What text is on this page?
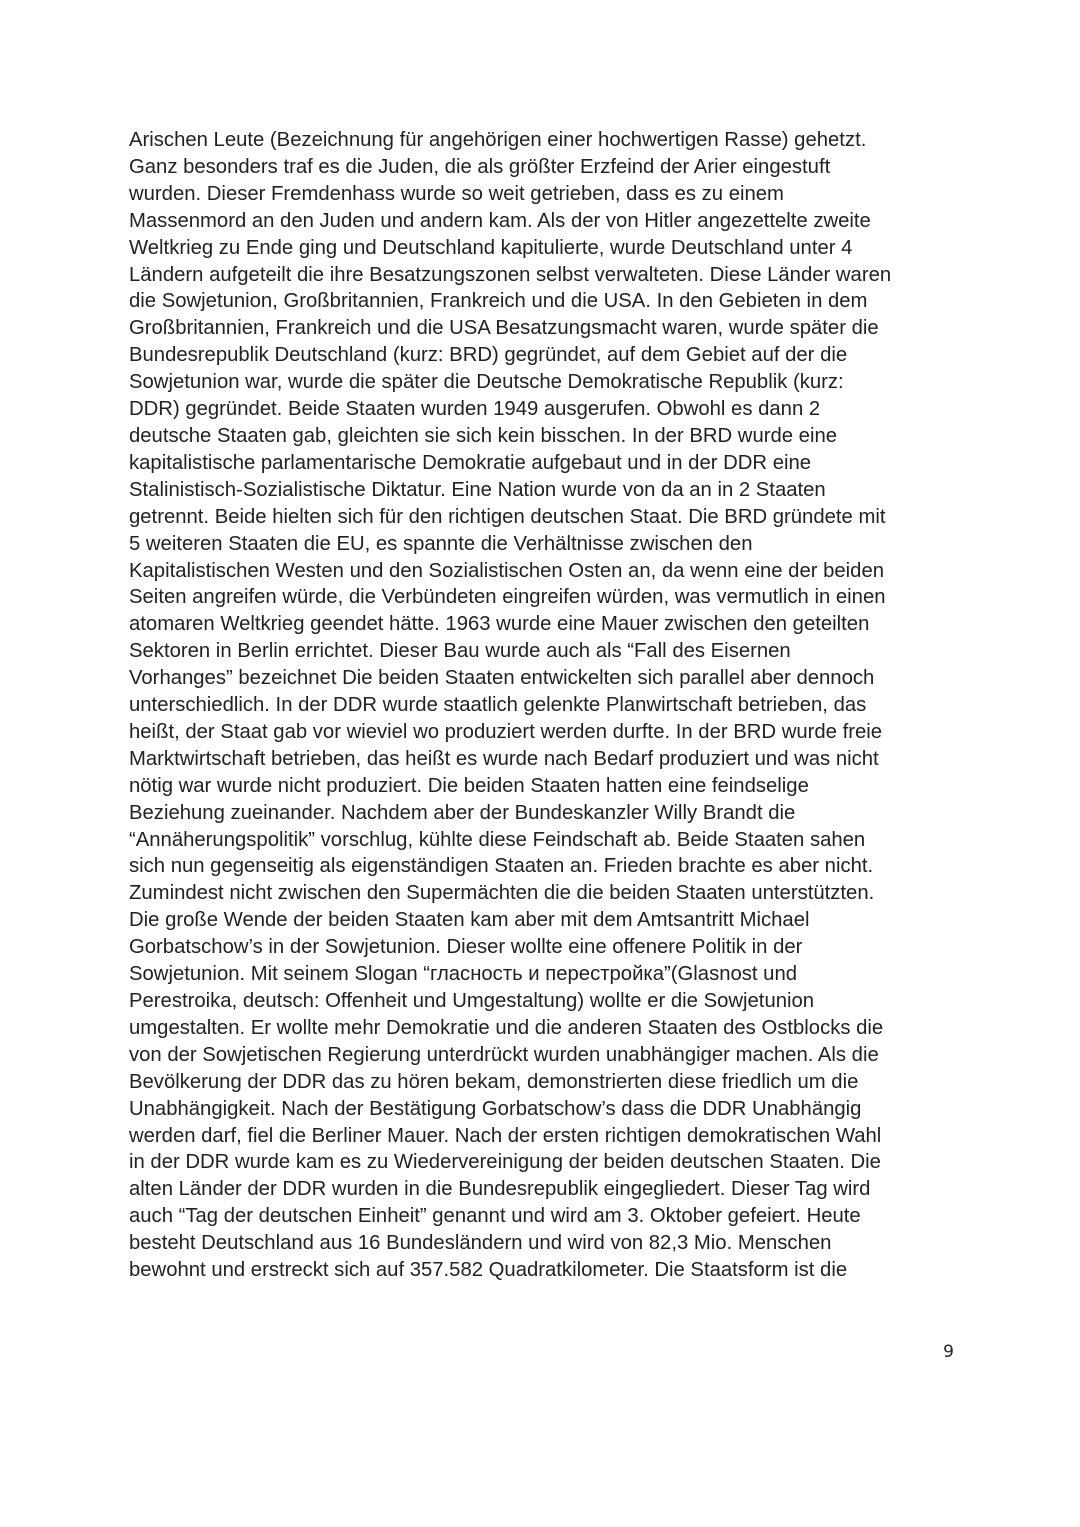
Arischen Leute (Bezeichnung für angehörigen einer hochwertigen Rasse) gehetzt.
Ganz besonders traf es die Juden, die als größter Erzfeind der Arier eingestuft
wurden. Dieser Fremdenhass wurde so weit getrieben, dass es zu einem
Massenmord an den Juden und andern kam. Als der von Hitler angezettelte zweite
Weltkrieg zu Ende ging und Deutschland kapitulierte, wurde Deutschland unter 4
Ländern aufgeteilt die ihre Besatzungszonen selbst verwalteten. Diese Länder waren
die Sowjetunion, Großbritannien, Frankreich und die USA. In den Gebieten in dem
Großbritannien, Frankreich und die USA Besatzungsmacht waren, wurde später die
Bundesrepublik Deutschland (kurz: BRD) gegründet, auf dem Gebiet auf der die
Sowjetunion war, wurde die später die Deutsche Demokratische Republik (kurz:
DDR) gegründet. Beide Staaten wurden 1949 ausgerufen. Obwohl es dann 2
deutsche Staaten gab, gleichten sie sich kein bisschen. In der BRD wurde eine
kapitalistische parlamentarische Demokratie aufgebaut und in der DDR eine
Stalinistisch-Sozialistische Diktatur. Eine Nation wurde von da an in 2 Staaten
getrennt. Beide hielten sich für den richtigen deutschen Staat. Die BRD gründete mit
5 weiteren Staaten die EU, es spannte die Verhältnisse zwischen den
Kapitalistischen Westen und den Sozialistischen Osten an, da wenn eine der beiden
Seiten angreifen würde, die Verbündeten eingreifen würden, was vermutlich in einen
atomaren Weltkrieg geendet hätte. 1963 wurde eine Mauer zwischen den geteilten
Sektoren in Berlin errichtet. Dieser Bau wurde auch als “Fall des Eisernen
Vorhanges” bezeichnet Die beiden Staaten entwickelten sich parallel aber dennoch
unterschiedlich. In der DDR wurde staatlich gelenkte Planwirtschaft betrieben, das
heißt, der Staat gab vor wieviel wo produziert werden durfte. In der BRD wurde freie
Marktwirtschaft betrieben, das heißt es wurde nach Bedarf produziert und was nicht
nötig war wurde nicht produziert. Die beiden Staaten hatten eine feindselige
Beziehung zueinander. Nachdem aber der Bundeskanzler Willy Brandt die
“Annäherungspolitik” vorschlug, kühlte diese Feindschaft ab. Beide Staaten sahen
sich nun gegenseitig als eigenständigen Staaten an. Frieden brachte es aber nicht.
Zumindest nicht zwischen den Supermächten die die beiden Staaten unterstützten.
Die große Wende der beiden Staaten kam aber mit dem Amtsantritt Michael
Gorbatschow’s in der Sowjetunion. Dieser wollte eine offenere Politik in der
Sowjetunion. Mit seinem Slogan “гласность и перестройка”(Glasnost und
Perestroika, deutsch: Offenheit und Umgestaltung) wollte er die Sowjetunion
umgestalten. Er wollte mehr Demokratie und die anderen Staaten des Ostblocks die
von der Sowjetischen Regierung unterdrückt wurden unabhängiger machen. Als die
Bevölkerung der DDR das zu hören bekam, demonstrierten diese friedlich um die
Unabhängigkeit. Nach der Bestätigung Gorbatschow’s dass die DDR Unabhängig
werden darf, fiel die Berliner Mauer. Nach der ersten richtigen demokratischen Wahl
in der DDR wurde kam es zu Wiedervereinigung der beiden deutschen Staaten. Die
alten Länder der DDR wurden in die Bundesrepublik eingegliedert. Dieser Tag wird
auch “Tag der deutschen Einheit” genannt und wird am 3. Oktober gefeiert. Heute
besteht Deutschland aus 16 Bundesländern und wird von 82,3 Mio. Menschen
bewohnt und erstreckt sich auf 357.582 Quadratkilometer. Die Staatsform ist die
9
